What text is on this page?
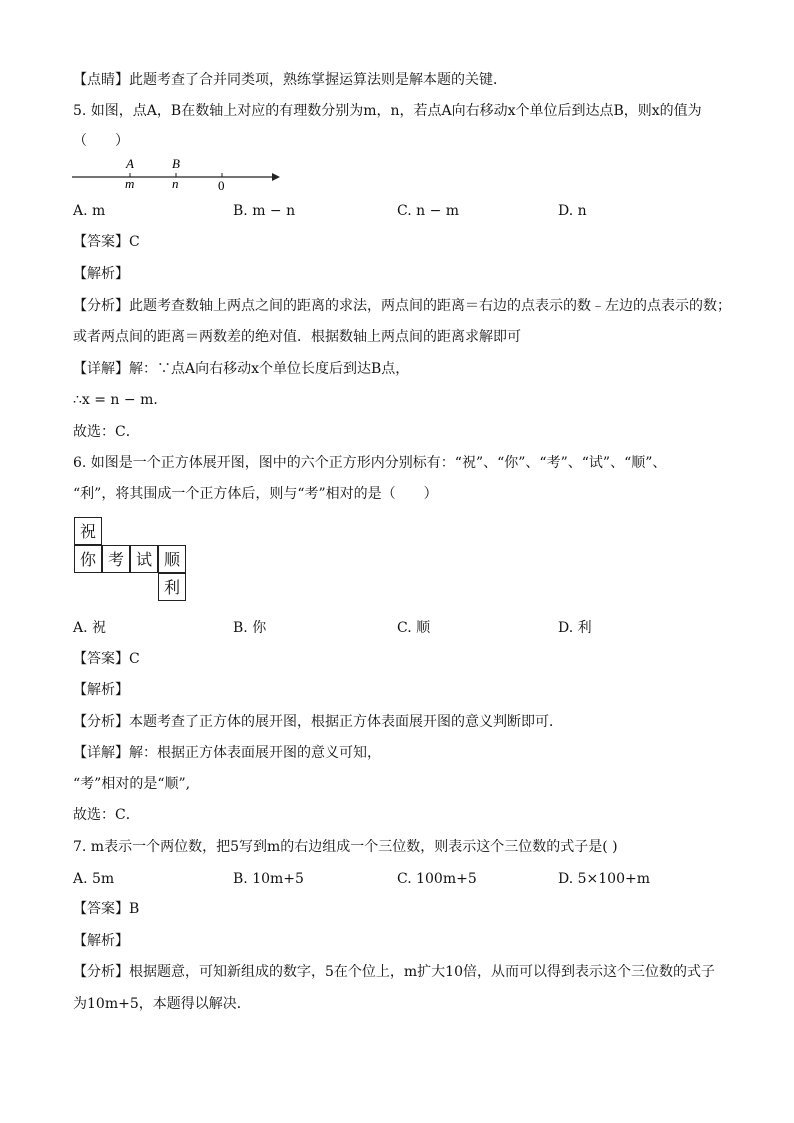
【点睛】此题考查了合并同类项，熟练掌握运算法则是解本题的关键．
5. 如图，点A，B在数轴上对应的有理数分别为m，n，若点A向右移动x个单位后到达点B，则x的值为
（　　）
A	B
m	n	0
A. m	B. m − n	C. n − m	D. n
【答案】C
【解析】
【分析】此题考查数轴上两点之间的距离的求法，两点间的距离＝右边的点表示的数﹣左边的点表示的数；
或者两点间的距离＝两数差的绝对值．根据数轴上两点间的距离求解即可
【详解】解：∵点A向右移动x个单位长度后到达B点，
∴x = n − m．
故选：C．
6. 如图是一个正方体展开图，图中的六个正方形内分别标有：“祝”、“你”、“考”、“试”、“顺”、
“利”，将其围成一个正方体后，则与“考”相对的是（　　）
祝
你 考 试 顺
利
A. 祝	B. 你	C. 顺	D. 利
【答案】C
【解析】
【分析】本题考查了正方体的展开图，根据正方体表面展开图的意义判断即可．
【详解】解：根据正方体表面展开图的意义可知，
“考”相对的是“顺”,
故选：C．
7. m表示一个两位数，把5写到m的右边组成一个三位数，则表示这个三位数的式子是( )
A. 5m	B. 10m+5	C. 100m+5	D. 5×100+m
【答案】B
【解析】
【分析】根据题意，可知新组成的数字，5在个位上，m扩大10倍，从而可以得到表示这个三位数的式子
为10m+5，本题得以解决．
